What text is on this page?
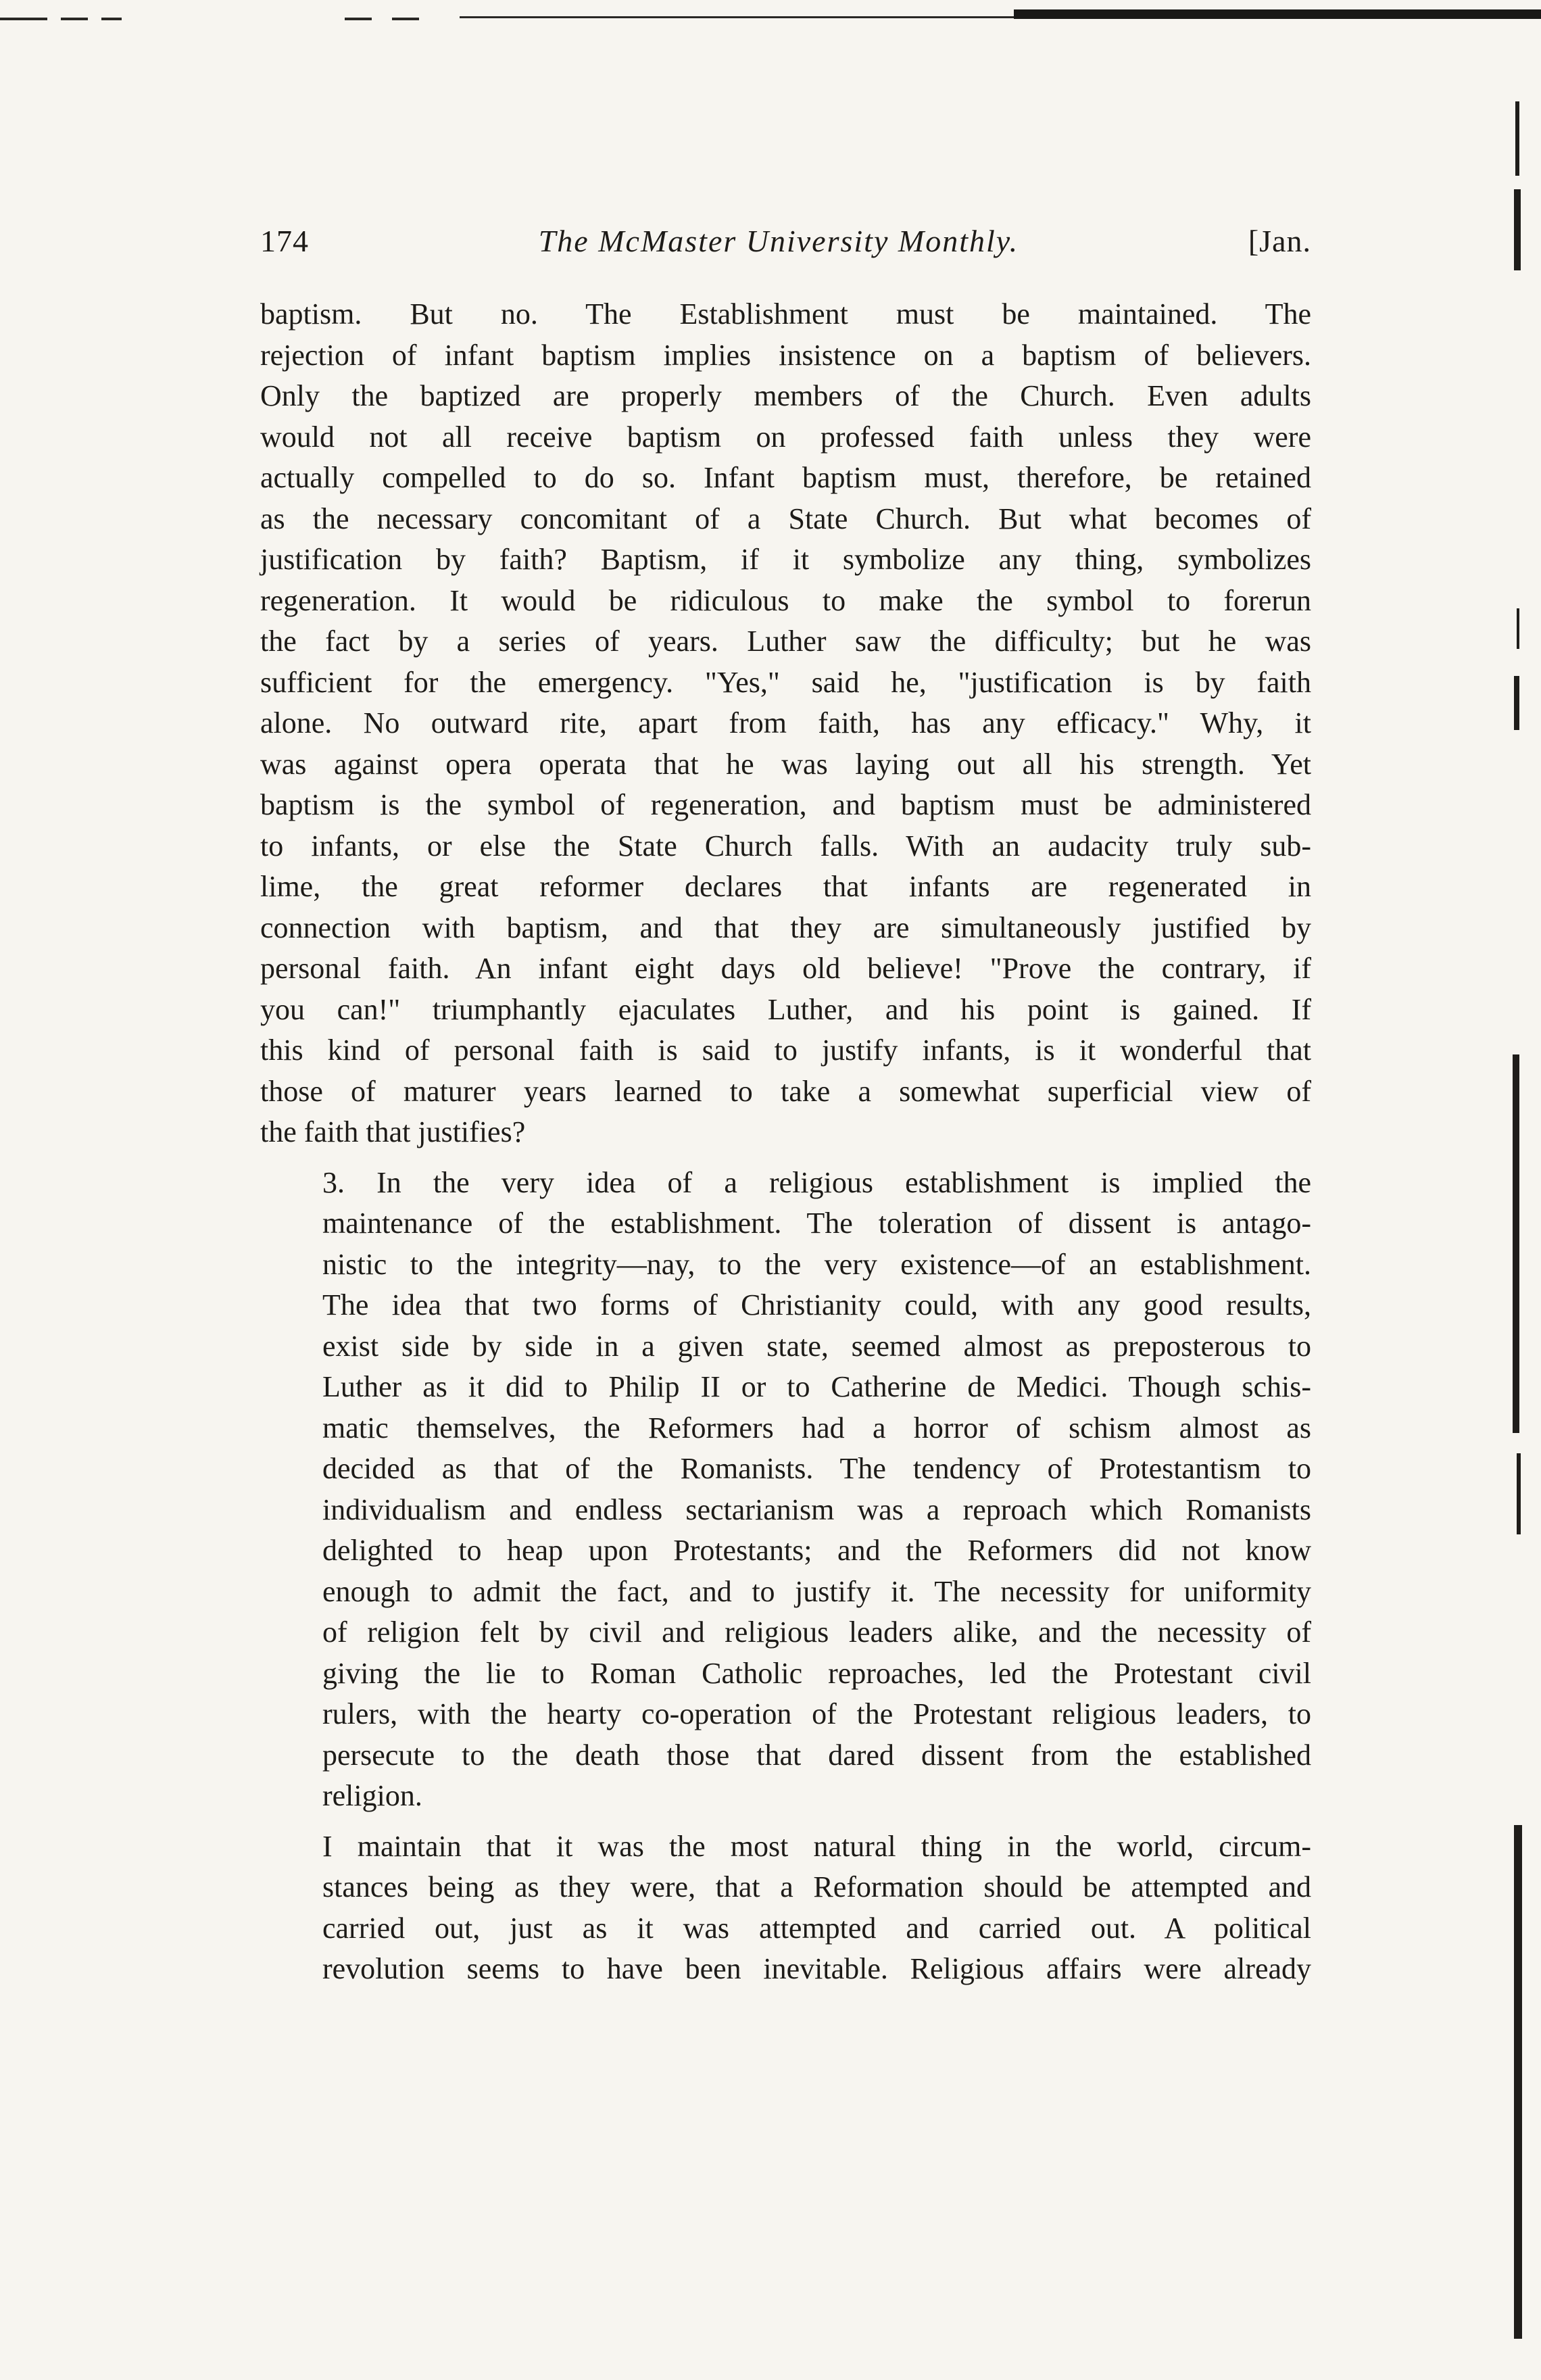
174	The McMaster University Monthly.	[Jan.

baptism. But no. The Establishment must be maintained. The
rejection of infant baptism implies insistence on a baptism of believers.
Only the baptized are properly members of the Church. Even adults
would not all receive baptism on professed faith unless they were
actually compelled to do so. Infant baptism must, therefore, be retained
as the necessary concomitant of a State Church. But what becomes of
justification by faith? Baptism, if it symbolize any thing, symbolizes
regeneration. It would be ridiculous to make the symbol to forerun
the fact by a series of years. Luther saw the difficulty; but he was
sufficient for the emergency. "Yes," said he, "justification is by faith
alone. No outward rite, apart from faith, has any efficacy." Why, it
was against opera operata that he was laying out all his strength. Yet
baptism is the symbol of regeneration, and baptism must be administered
to infants, or else the State Church falls. With an audacity truly sub-
lime, the great reformer declares that infants are regenerated in
connection with baptism, and that they are simultaneously justified by
personal faith. An infant eight days old believe! "Prove the contrary, if
you can!" triumphantly ejaculates Luther, and his point is gained. If
this kind of personal faith is said to justify infants, is it wonderful that
those of maturer years learned to take a somewhat superficial view of
the faith that justifies?

3. In the very idea of a religious establishment is implied the
maintenance of the establishment. The toleration of dissent is antago-
nistic to the integrity—nay, to the very existence—of an establishment.
The idea that two forms of Christianity could, with any good results,
exist side by side in a given state, seemed almost as preposterous to
Luther as it did to Philip II or to Catherine de Medici. Though schis-
matic themselves, the Reformers had a horror of schism almost as
decided as that of the Romanists. The tendency of Protestantism to
individualism and endless sectarianism was a reproach which Romanists
delighted to heap upon Protestants; and the Reformers did not know
enough to admit the fact, and to justify it. The necessity for uniformity
of religion felt by civil and religious leaders alike, and the necessity of
giving the lie to Roman Catholic reproaches, led the Protestant civil
rulers, with the hearty co-operation of the Protestant religious leaders, to
persecute to the death those that dared dissent from the established
religion.

I maintain that it was the most natural thing in the world, circum-
stances being as they were, that a Reformation should be attempted and
carried out, just as it was attempted and carried out. A political
revolution seems to have been inevitable. Religious affairs were already
